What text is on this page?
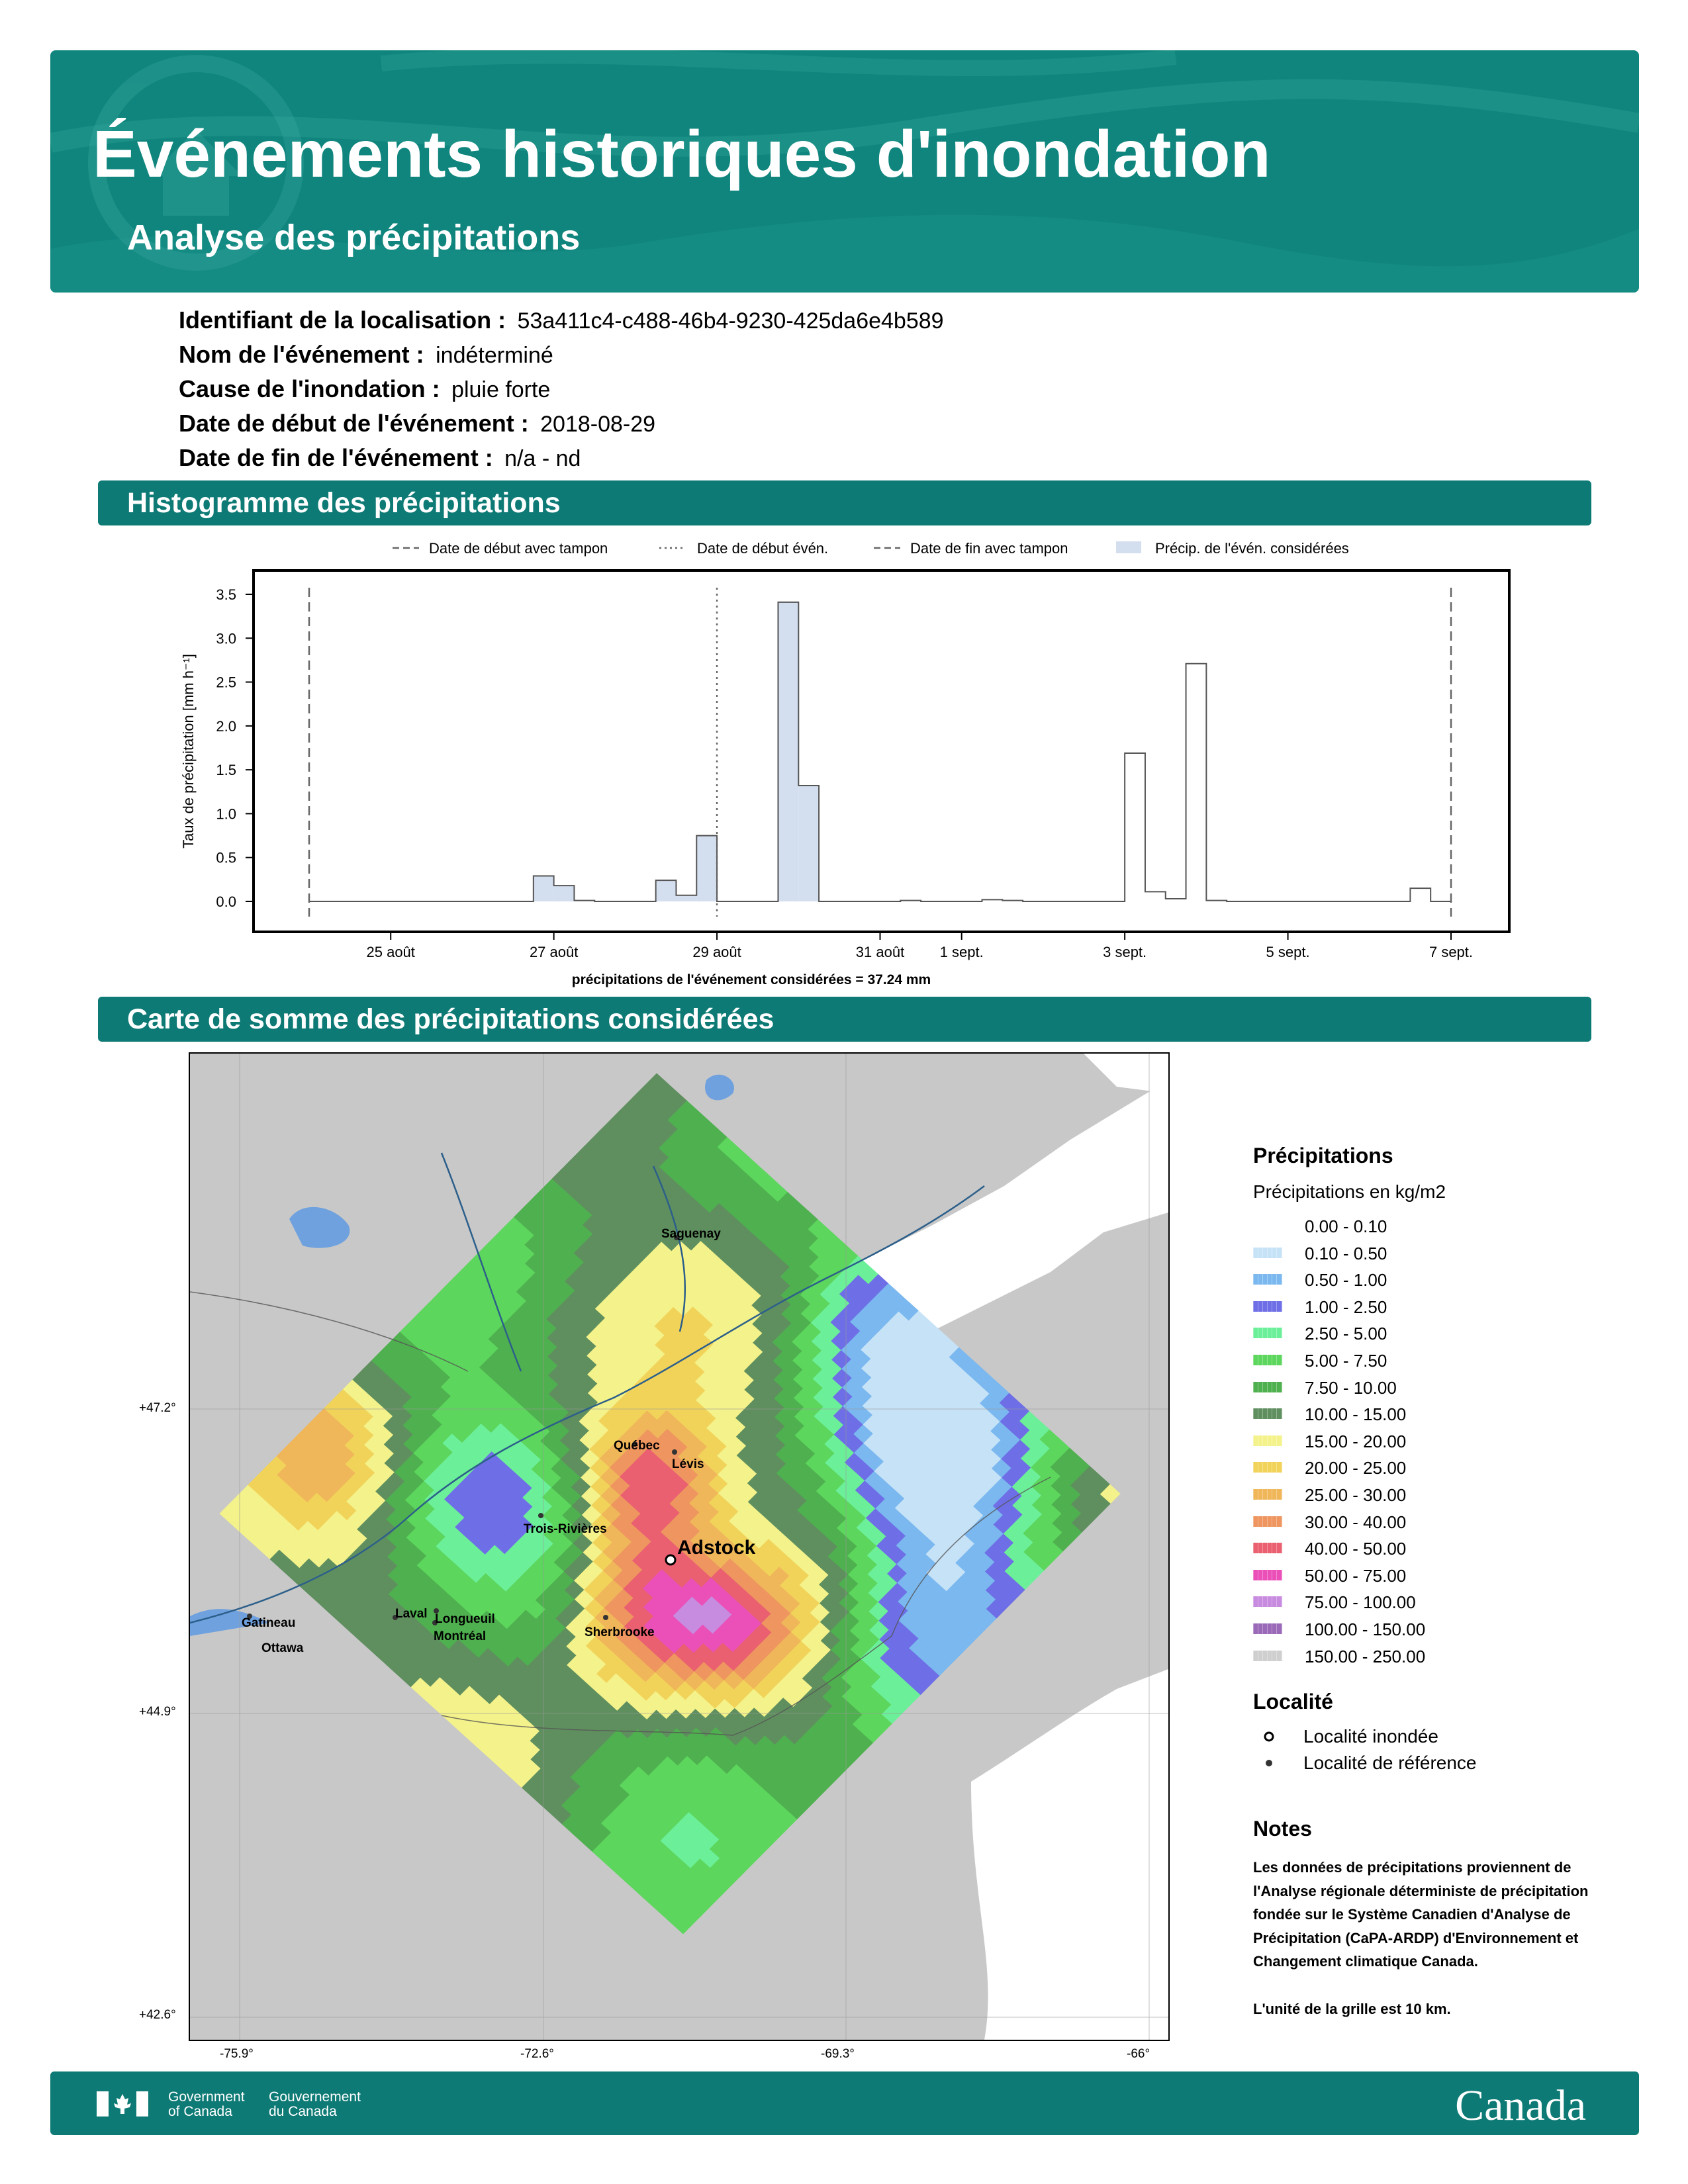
Événements historiques d'inondation
Analyse des précipitations
Identifiant de la localisation : 53a411c4-c488-46b4-9230-425da6e4b589
Nom de l'événement : indéterminé
Cause de l'inondation : pluie forte
Date de début de l'événement : 2018-08-29
Date de fin de l'événement : n/a - nd
Histogramme des précipitations
0.0
0.5
1.0
1.5
2.0
2.5
3.0
3.5
25 août	27 août	29 août	31 août 1 sept.	3 sept.	5 sept.	7 sept.
précipitations de l'événement considérées = 37.24 mm
Taux de précipitation [mm h⁻¹]
Date de début avec tampon	Date de début évén.	Date de fin avec tampon	Précip. de l'évén. considérées
Carte de somme des précipitations considérées
Saguenay
Québec
Lévis
Trois-Rivières
Adstock
Gatineau
Ottawa
Laval Longueuil
Montréal	Sherbrooke
+47.2°
+44.9°
+42.6°
-75.9°	-72.6°	-69.3°	-66°
Précipitations
Précipitations en kg/m2
0.00 - 0.10
0.10 - 0.50
0.50 - 1.00
1.00 - 2.50
2.50 - 5.00
5.00 - 7.50
7.50 - 10.00
10.00 - 15.00
15.00 - 20.00
20.00 - 25.00
25.00 - 30.00
30.00 - 40.00
40.00 - 50.00
50.00 - 75.00
75.00 - 100.00
100.00 - 150.00
150.00 - 250.00
Localité
Localité inondée
Localité de référence
Notes

Les données de précipitations proviennent de l'Analyse régionale déterministe de précipitation fondée sur le Système Canadien d'Analyse de Précipitation (CaPA-ARDP) d'Environnement et Changement climatique Canada.

L'unité de la grille est 10 km.

Government
of Canada
Gouvernement
du Canada	Canada
